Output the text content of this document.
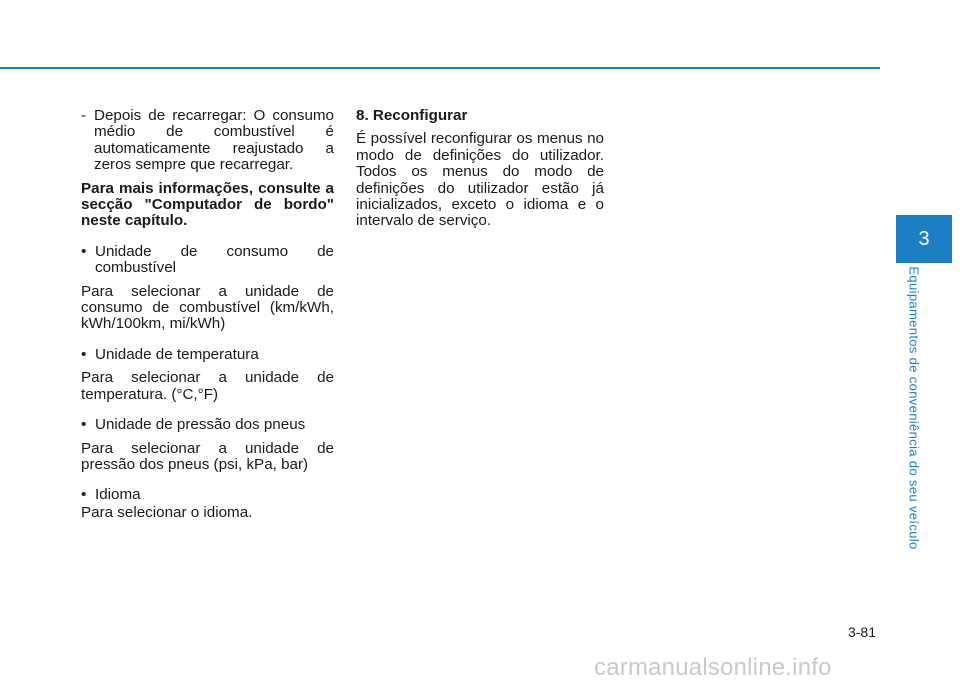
- Depois de recarregar: O consumo médio de combustível é automaticamente reajustado a zeros sempre que recarregar.

Para mais informações, consulte a secção "Computador de bordo" neste capítulo.

• Unidade de consumo de
combustível

Para selecionar a unidade de consumo de combustível (km/kWh, kWh/100km, mi/kWh)

• Unidade de temperatura

Para selecionar a unidade de temperatura. (°C,°F)

• Unidade de pressão dos pneus

Para selecionar a unidade de pressão dos pneus (psi, kPa, bar)

• Idioma

Para selecionar o idioma.

8. Reconfigurar

É possível reconfigurar os menus no modo de definições do utilizador. Todos os menus do modo de definições do utilizador estão já inicializados, exceto o idioma e o intervalo de serviço.

3
Equipamentos de conveniência do seu veículo
3-81
carmanualsonline.info
